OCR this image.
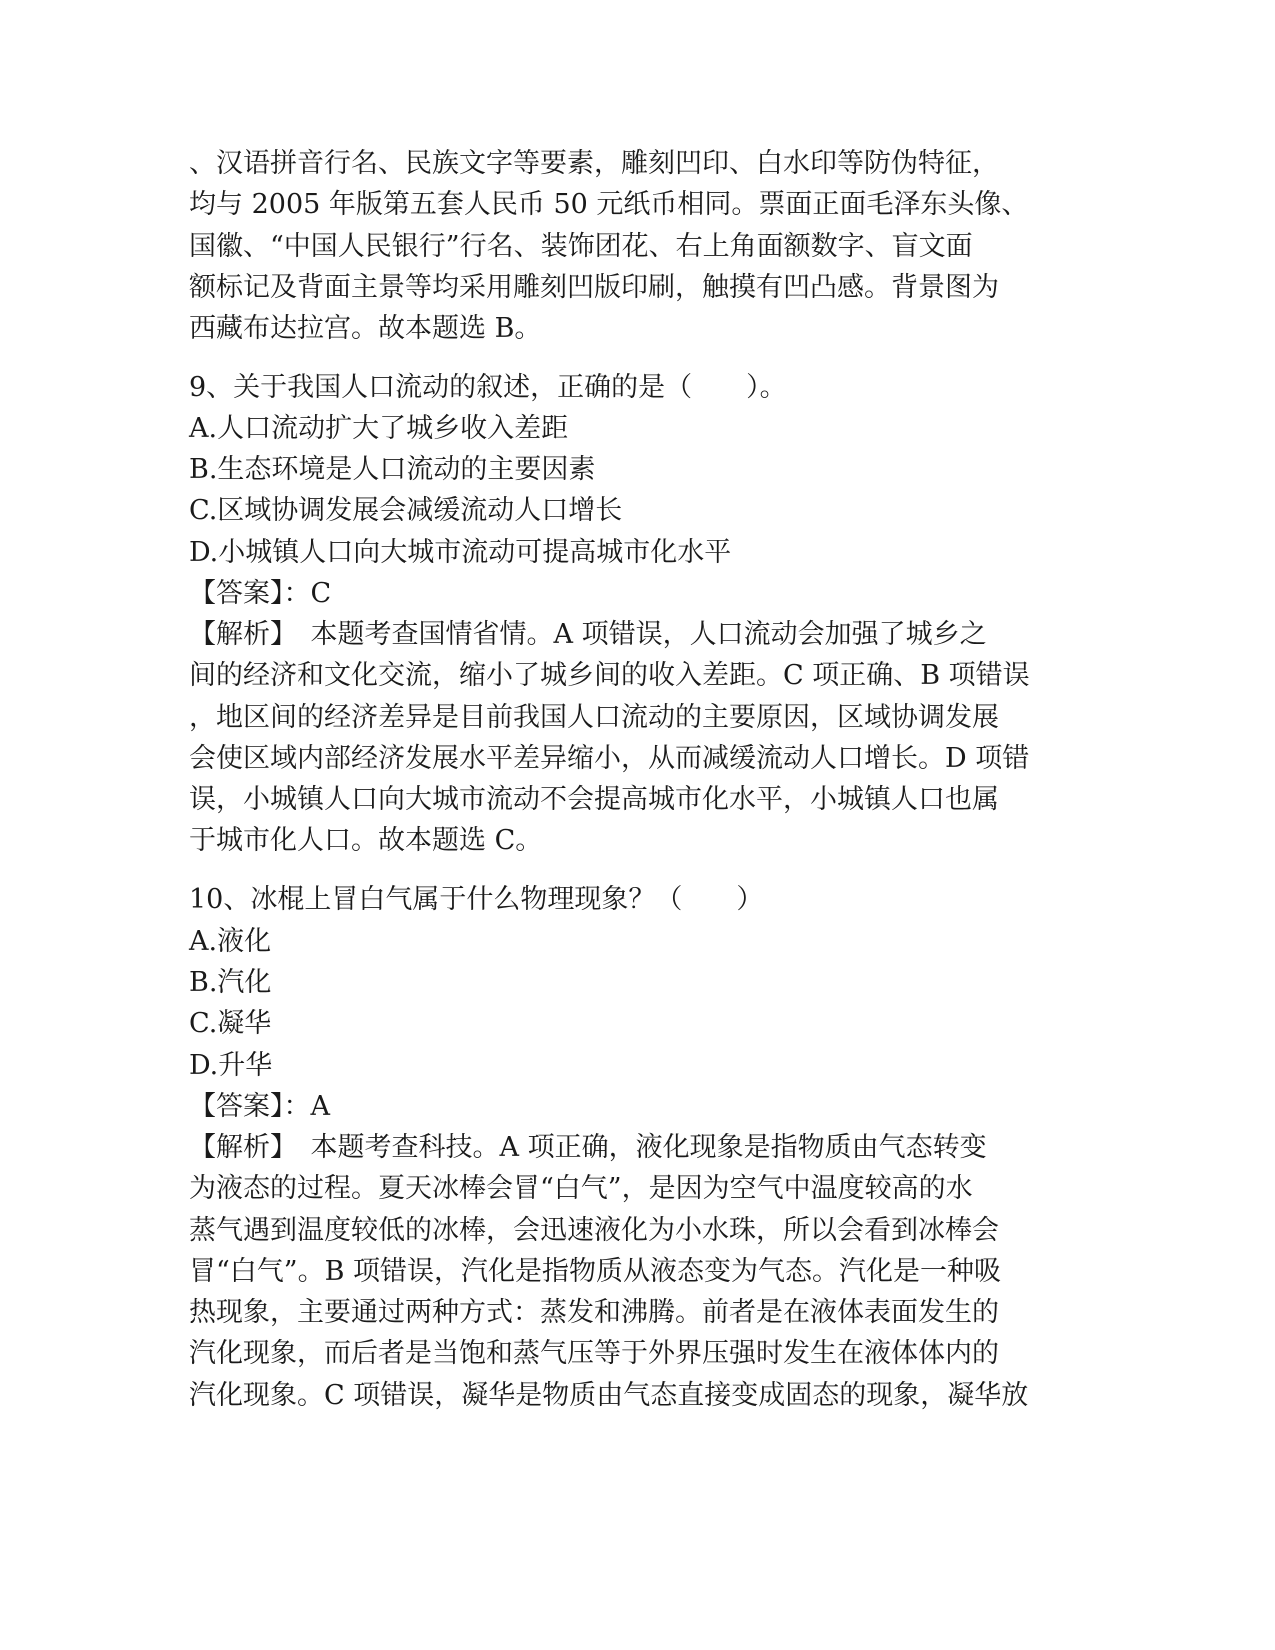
、汉语拼音行名、民族文字等要素，雕刻凹印、白水印等防伪特征，
均与 2005 年版第五套人民币 50 元纸币相同。票面正面毛泽东头像、
国徽、“中国人民银行”行名、装饰团花、右上角面额数字、盲文面
额标记及背面主景等均采用雕刻凹版印刷，触摸有凹凸感。背景图为
西藏布达拉宫。故本题选 B。
9、关于我国人口流动的叙述，正确的是（　　）。
A.人口流动扩大了城乡收入差距
B.生态环境是人口流动的主要因素
C.区域协调发展会减缓流动人口增长
D.小城镇人口向大城市流动可提高城市化水平
【答案】：C
【解析】　本题考查国情省情。A 项错误，人口流动会加强了城乡之
间的经济和文化交流，缩小了城乡间的收入差距。C 项正确、B 项错误
，地区间的经济差异是目前我国人口流动的主要原因，区域协调发展
会使区域内部经济发展水平差异缩小，从而减缓流动人口增长。D 项错
误，小城镇人口向大城市流动不会提高城市化水平，小城镇人口也属
于城市化人口。故本题选 C。
10、冰棍上冒白气属于什么物理现象？（　　）
A.液化
B.汽化
C.凝华
D.升华
【答案】：A
【解析】　本题考查科技。A 项正确，液化现象是指物质由气态转变
为液态的过程。夏天冰棒会冒“白气”，是因为空气中温度较高的水
蒸气遇到温度较低的冰棒，会迅速液化为小水珠，所以会看到冰棒会
冒“白气”。B 项错误，汽化是指物质从液态变为气态。汽化是一种吸
热现象，主要通过两种方式：蒸发和沸腾。前者是在液体表面发生的
汽化现象，而后者是当饱和蒸气压等于外界压强时发生在液体体内的
汽化现象。C 项错误，凝华是物质由气态直接变成固态的现象，凝华放
